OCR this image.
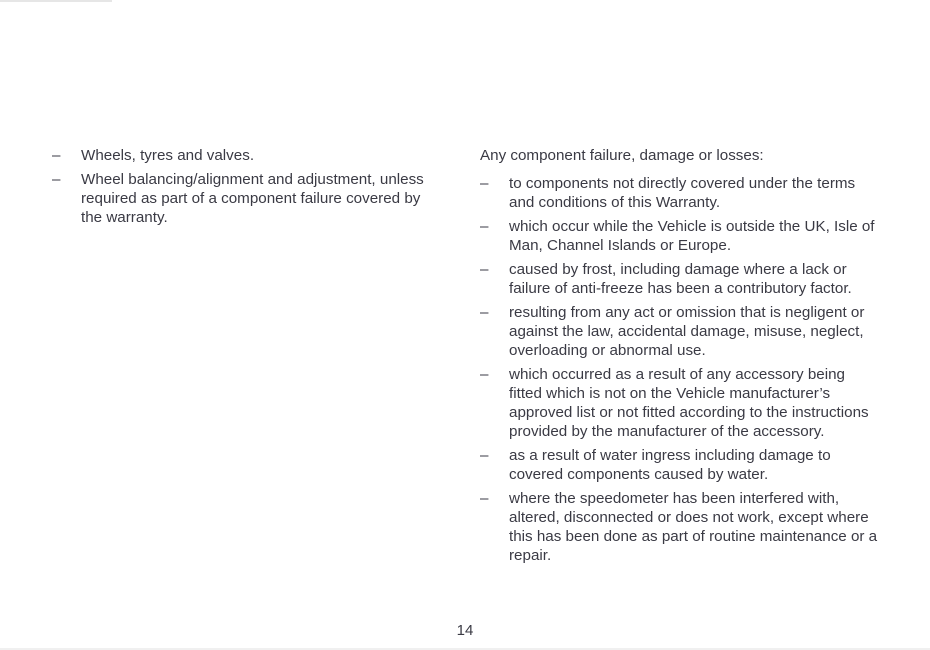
– Wheels, tyres and valves.
– Wheel balancing/alignment and adjustment, unless required as part of a component failure covered by the warranty.

Any component failure, damage or losses:

– to components not directly covered under the terms and conditions of this Warranty.
– which occur while the Vehicle is outside the UK, Isle of Man, Channel Islands or Europe.
– caused by frost, including damage where a lack or failure of anti-freeze has been a contributory factor.
– resulting from any act or omission that is negligent or against the law, accidental damage, misuse, neglect, overloading or abnormal use.
– which occurred as a result of any accessory being fitted which is not on the Vehicle manufacturer’s approved list or not fitted according to the instructions provided by the manufacturer of the accessory.
– as a result of water ingress including damage to covered components caused by water.
– where the speedometer has been interfered with, altered, disconnected or does not work, except where this has been done as part of routine maintenance or a repair.
14
